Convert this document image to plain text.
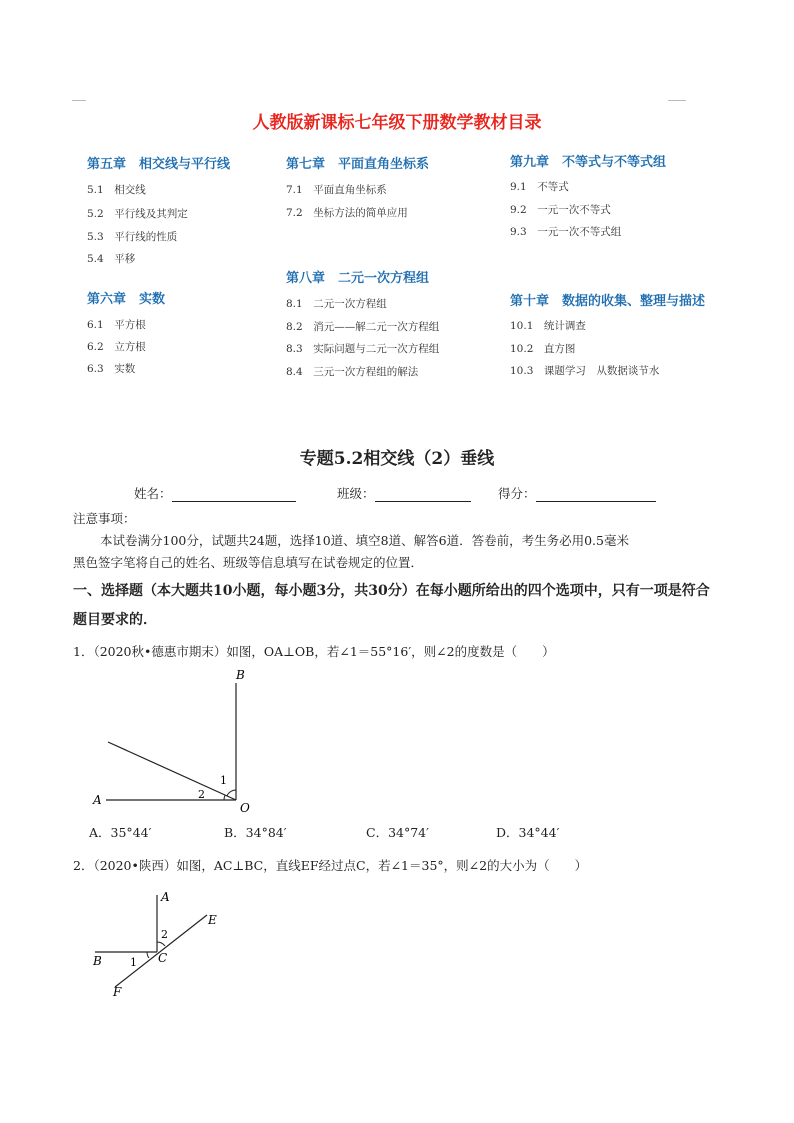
人教版新课标七年级下册数学教材目录
第五章　相交线与平行线
5.1　相交线
5.2　平行线及其判定
5.3　平行线的性质
5.4　平移
第六章　实数
6.1　平方根
6.2　立方根
6.3　实数
第七章　平面直角坐标系
7.1　平面直角坐标系
7.2　坐标方法的简单应用
第八章　二元一次方程组
8.1　二元一次方程组
8.2　消元——解二元一次方程组
8.3　实际问题与二元一次方程组
8.4　三元一次方程组的解法
第九章　不等式与不等式组
9.1　不等式
9.2　一元一次不等式
9.3　一元一次不等式组
第十章　数据的收集、整理与描述
10.1　统计调查
10.2　直方图
10.3　课题学习　从数据谈节水
专题5.2相交线（2）垂线
姓名：	班级：	得分：
注意事项：
本试卷满分100分，试题共24题，选择10道、填空8道、解答6道．答卷前，考生务必用0.5毫米
黑色签字笔将自己的姓名、班级等信息填写在试卷规定的位置．
一、选择题（本大题共10小题，每小题3分，共30分）在每小题所给出的四个选项中，只有一项是符合
题目要求的．
1．（2020秋•德惠市期末）如图，OA⊥OB，若∠1＝55°16′，则∠2的度数是（　　）
B
A
O
1
2
A．35°44′	B．34°84′	C．34°74′	D．34°44′
2．（2020•陕西）如图，AC⊥BC，直线EF经过点C，若∠1＝35°，则∠2的大小为（　　）
A
E
B	C
F
1
2
